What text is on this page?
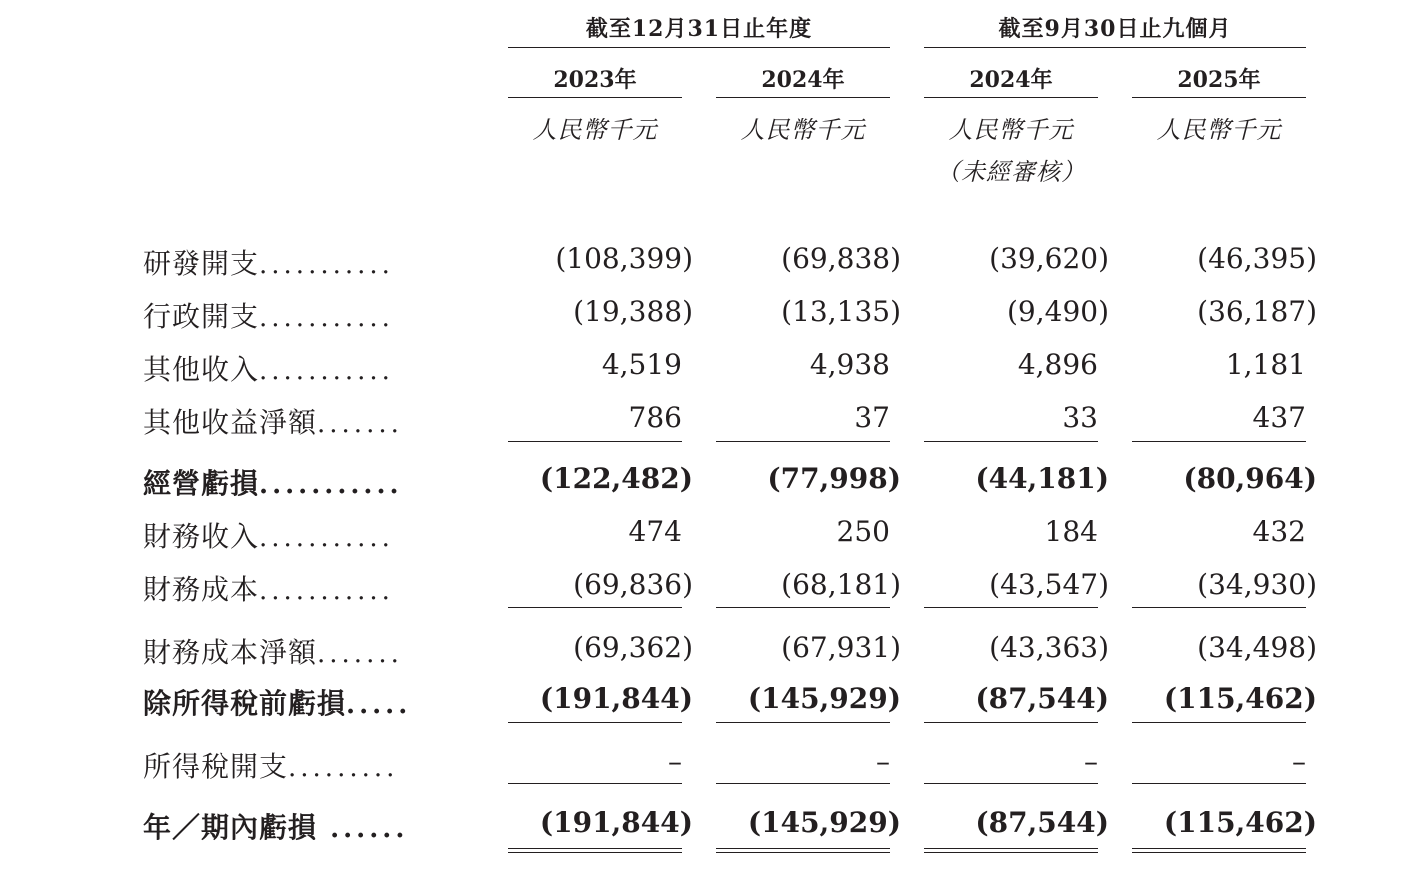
截至12月31日止年度	截至9月30日止九個月
2023年	2024年	2024年	2025年
人民幣千元	人民幣千元	人民幣千元	人民幣千元
（未經審核）
研發開支...........	(108,399)	(69,838)	(39,620)	(46,395)
行政開支...........	(19,388)	(13,135)	(9,490)	(36,187)
其他收入...........	4,519	4,938	4,896	1,181
其他收益淨額.......	786	37	33	437
經營虧損...........	(122,482)	(77,998)	(44,181)	(80,964)
財務收入...........	474	250	184	432
財務成本...........	(69,836)	(68,181)	(43,547)	(34,930)
財務成本淨額.......	(69,362)	(67,931)	(43,363)	(34,498)
除所得稅前虧損.....	(191,844)	(145,929)	(87,544)	(115,462)
所得稅開支.........	–	–	–	–
年／期內虧損 ......	(191,844)	(145,929)	(87,544)	(115,462)
